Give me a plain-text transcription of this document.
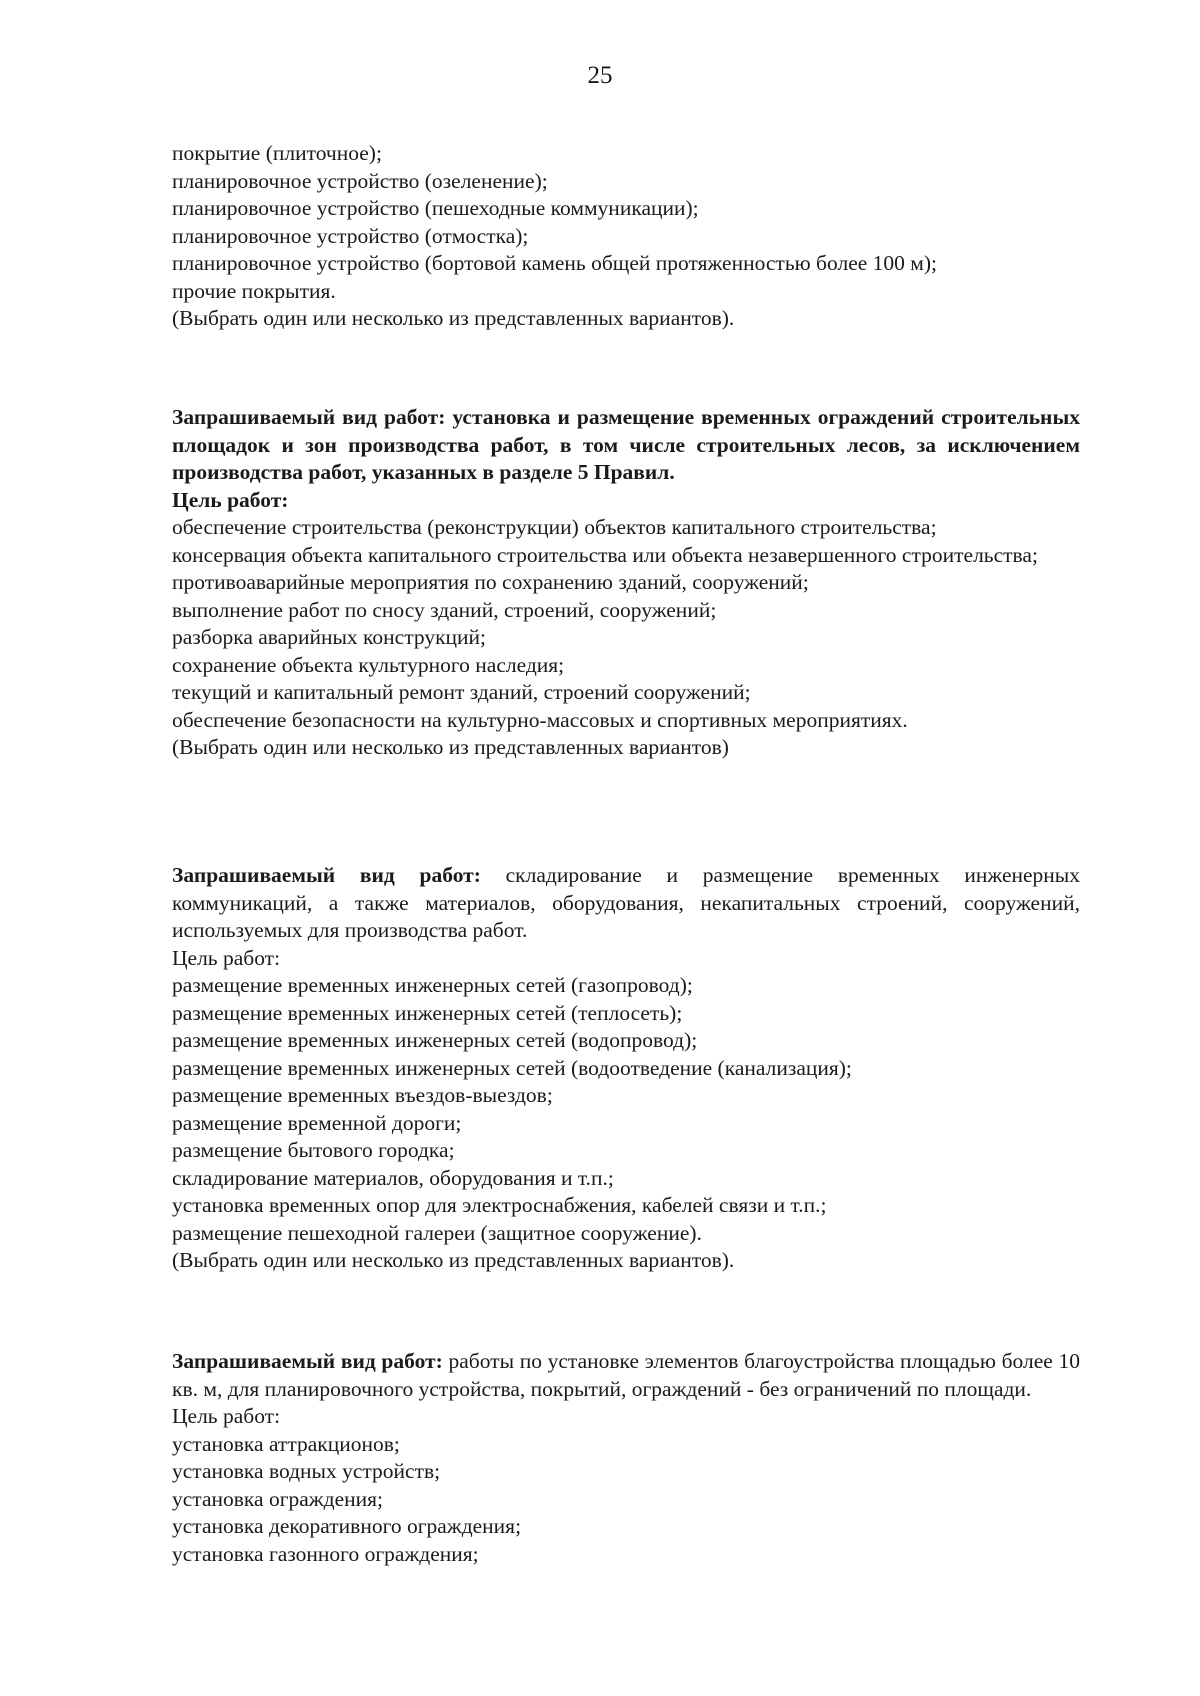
25
покрытие (плиточное);
планировочное устройство (озеленение);
планировочное устройство (пешеходные коммуникации);
планировочное устройство (отмостка);
планировочное устройство (бортовой камень общей протяженностью более 100 м);
прочие покрытия.
(Выбрать один или несколько из представленных вариантов).
Запрашиваемый вид работ: установка и размещение временных ограждений строительных площадок и зон производства работ, в том числе строительных лесов, за исключением производства работ, указанных в разделе 5 Правил.
Цель работ:
обеспечение строительства (реконструкции) объектов капитального строительства;
консервация объекта капитального строительства или объекта незавершенного строительства;
противоаварийные мероприятия по сохранению зданий, сооружений;
выполнение работ по сносу зданий, строений, сооружений;
разборка аварийных конструкций;
сохранение объекта культурного наследия;
текущий и капитальный ремонт зданий, строений сооружений;
обеспечение безопасности на культурно-массовых и спортивных мероприятиях.
(Выбрать один или несколько из представленных вариантов)
Запрашиваемый вид работ: складирование и размещение временных инженерных коммуникаций, а также материалов, оборудования, некапитальных строений, сооружений, используемых для производства работ.
Цель работ:
размещение временных инженерных сетей (газопровод);
размещение временных инженерных сетей (теплосеть);
размещение временных инженерных сетей (водопровод);
размещение временных инженерных сетей (водоотведение (канализация);
размещение временных въездов-выездов;
размещение временной дороги;
размещение бытового городка;
складирование материалов, оборудования и т.п.;
установка временных опор для электроснабжения, кабелей связи и т.п.;
размещение пешеходной галереи (защитное сооружение).
(Выбрать один или несколько из представленных вариантов).
Запрашиваемый вид работ: работы по установке элементов благоустройства площадью более 10 кв. м, для планировочного устройства, покрытий, ограждений - без ограничений по площади.
Цель работ:
установка аттракционов;
установка водных устройств;
установка ограждения;
установка декоративного ограждения;
установка газонного ограждения;
